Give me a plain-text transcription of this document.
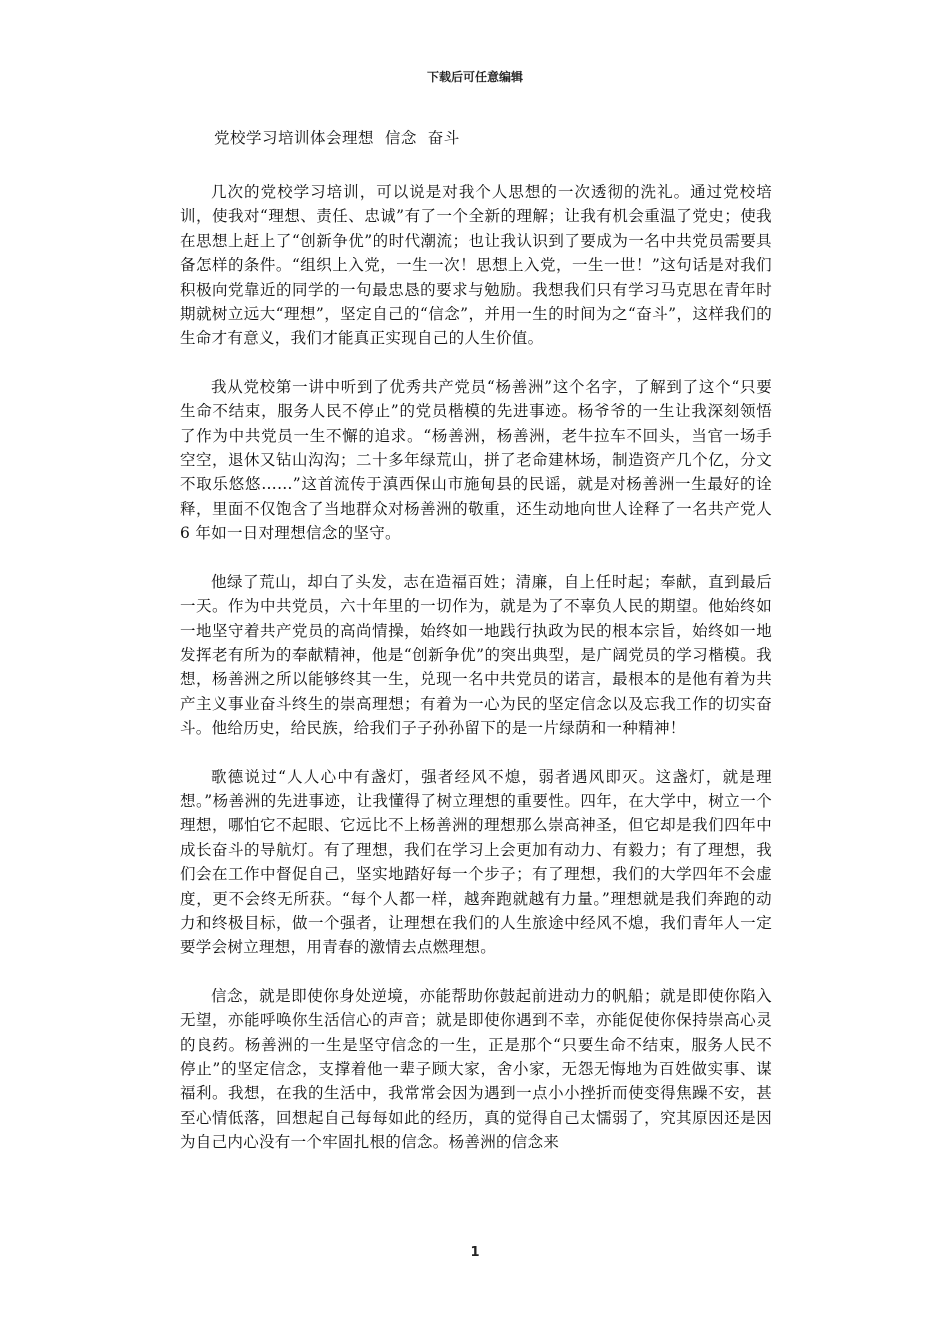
下载后可任意编辑
党校学习培训体会理想  信念  奋斗

几次的党校学习培训，可以说是对我个人思想的一次透彻的洗礼。通过党校培训，使我对“理想、责任、忠诚”有了一个全新的理解；让我有机会重温了党史；使我在思想上赶上了“创新争优”的时代潮流；也让我认识到了要成为一名中共党员需要具备怎样的条件。“组织上入党，一生一次！思想上入党，一生一世！”这句话是对我们积极向党靠近的同学的一句最忠恳的要求与勉励。我想我们只有学习马克思在青年时期就树立远大“理想”，坚定自己的“信念”，并用一生的时间为之“奋斗”，这样我们的生命才有意义，我们才能真正实现自己的人生价值。

我从党校第一讲中听到了优秀共产党员“杨善洲”这个名字，了解到了这个“只要生命不结束，服务人民不停止”的党员楷模的先进事迹。杨爷爷的一生让我深刻领悟了作为中共党员一生不懈的追求。“杨善洲，杨善洲，老牛拉车不回头，当官一场手空空，退休又钻山沟沟；二十多年绿荒山，拼了老命建林场，制造资产几个亿，分文不取乐悠悠……”这首流传于滇西保山市施甸县的民谣，就是对杨善洲一生最好的诠释，里面不仅饱含了当地群众对杨善洲的敬重，还生动地向世人诠释了一名共产党人 6 年如一日对理想信念的坚守。

他绿了荒山，却白了头发，志在造福百姓；清廉，自上任时起；奉献，直到最后一天。作为中共党员，六十年里的一切作为，就是为了不辜负人民的期望。他始终如一地坚守着共产党员的高尚情操，始终如一地践行执政为民的根本宗旨，始终如一地发挥老有所为的奉献精神，他是“创新争优”的突出典型，是广阔党员的学习楷模。我想，杨善洲之所以能够终其一生，兑现一名中共党员的诺言，最根本的是他有着为共产主义事业奋斗终生的崇高理想；有着为一心为民的坚定信念以及忘我工作的切实奋斗。他给历史，给民族，给我们子子孙孙留下的是一片绿荫和一种精神！

歌德说过“人人心中有盏灯，强者经风不熄，弱者遇风即灭。这盏灯，就是理想。”杨善洲的先进事迹，让我懂得了树立理想的重要性。四年，在大学中，树立一个理想，哪怕它不起眼、它远比不上杨善洲的理想那么崇高神圣，但它却是我们四年中成长奋斗的导航灯。有了理想，我们在学习上会更加有动力、有毅力；有了理想，我们会在工作中督促自己，坚实地踏好每一个步子；有了理想，我们的大学四年不会虚度，更不会终无所获。“每个人都一样，越奔跑就越有力量。”理想就是我们奔跑的动力和终极目标，做一个强者，让理想在我们的人生旅途中经风不熄，我们青年人一定要学会树立理想，用青春的激情去点燃理想。

信念，就是即使你身处逆境，亦能帮助你鼓起前进动力的帆船；就是即使你陷入无望，亦能呼唤你生活信心的声音；就是即使你遇到不幸，亦能促使你保持崇高心灵的良药。杨善洲的一生是坚守信念的一生，正是那个“只要生命不结束，服务人民不停止”的坚定信念，支撑着他一辈子顾大家，舍小家，无怨无悔地为百姓做实事、谋福利。我想，在我的生活中，我常常会因为遇到一点小小挫折而使变得焦躁不安，甚至心情低落，回想起自己每每如此的经历，真的觉得自己太懦弱了，究其原因还是因为自己内心没有一个牢固扎根的信念。杨善洲的信念来

1
